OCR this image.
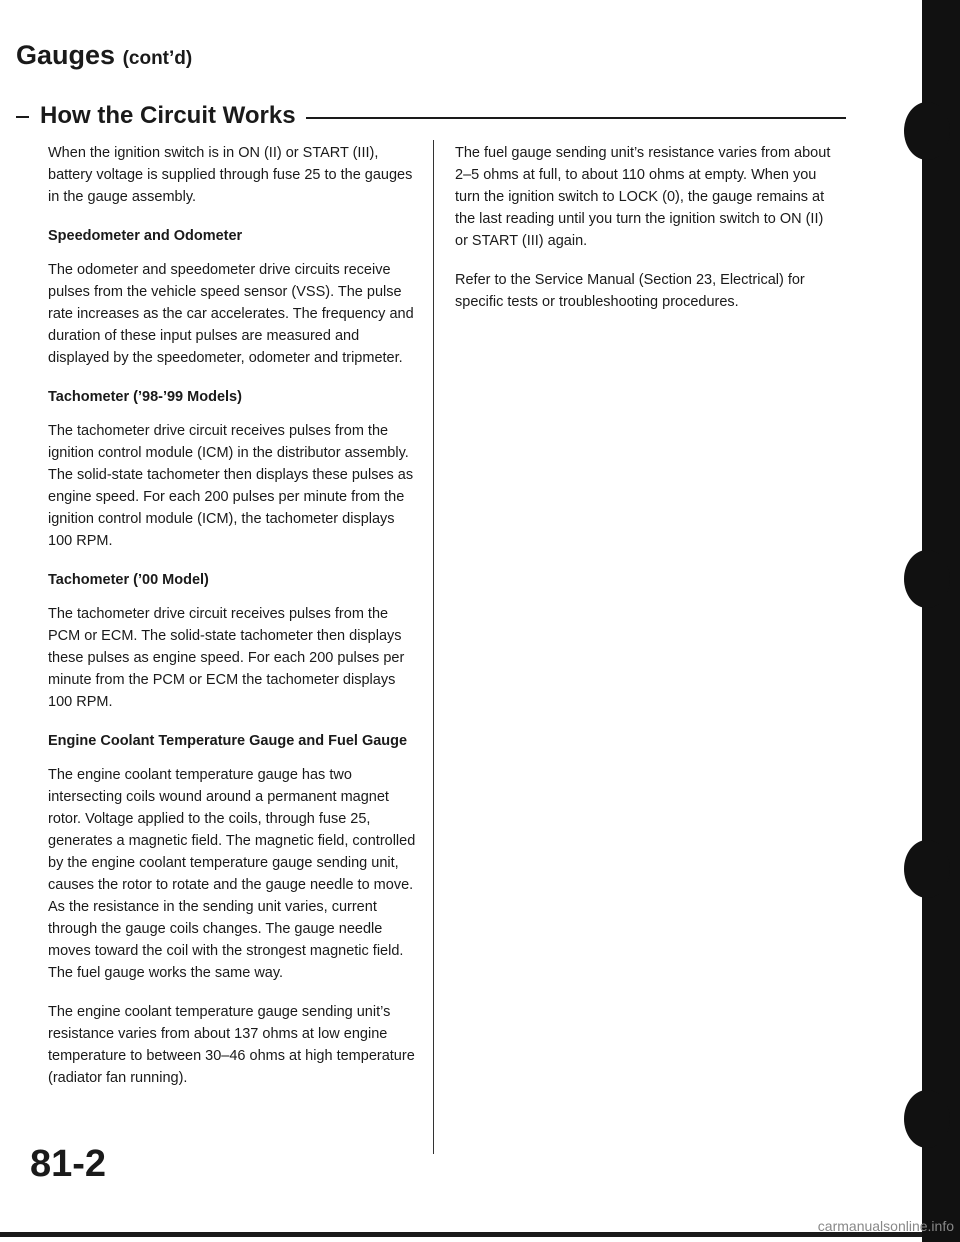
Gauges (cont’d)
How the Circuit Works

When the ignition switch is in ON (II) or START (III), battery voltage is supplied through fuse 25 to the gauges in the gauge assembly.

Speedometer and Odometer

The odometer and speedometer drive circuits receive pulses from the vehicle speed sensor (VSS). The pulse rate increases as the car accelerates. The frequency and duration of these input pulses are measured and displayed by the speedometer, odometer and tripmeter.

Tachometer (’98-’99 Models)

The tachometer drive circuit receives pulses from the ignition control module (ICM) in the distributor assembly. The solid-state tachometer then displays these pulses as engine speed. For each 200 pulses per minute from the ignition control module (ICM), the tachometer displays 100 RPM.

Tachometer (’00 Model)

The tachometer drive circuit receives pulses from the PCM or ECM. The solid-state tachometer then displays these pulses as engine speed. For each 200 pulses per minute from the PCM or ECM the tachometer displays 100 RPM.

Engine Coolant Temperature Gauge and Fuel Gauge

The engine coolant temperature gauge has two intersecting coils wound around a permanent magnet rotor. Voltage applied to the coils, through fuse 25, generates a magnetic field. The magnetic field, controlled by the engine coolant temperature gauge sending unit, causes the rotor to rotate and the gauge needle to move. As the resistance in the sending unit varies, current through the gauge coils changes. The gauge needle moves toward the coil with the strongest magnetic field. The fuel gauge works the same way.

The engine coolant temperature gauge sending unit’s resistance varies from about 137 ohms at low engine temperature to between 30–46 ohms at high temperature (radiator fan running).

The fuel gauge sending unit’s resistance varies from about 2–5 ohms at full, to about 110 ohms at empty. When you turn the ignition switch to LOCK (0), the gauge remains at the last reading until you turn the ignition switch to ON (II) or START (III) again.

Refer to the Service Manual (Section 23, Electrical) for specific tests or troubleshooting procedures.

81-2
carmanualsonline.info
